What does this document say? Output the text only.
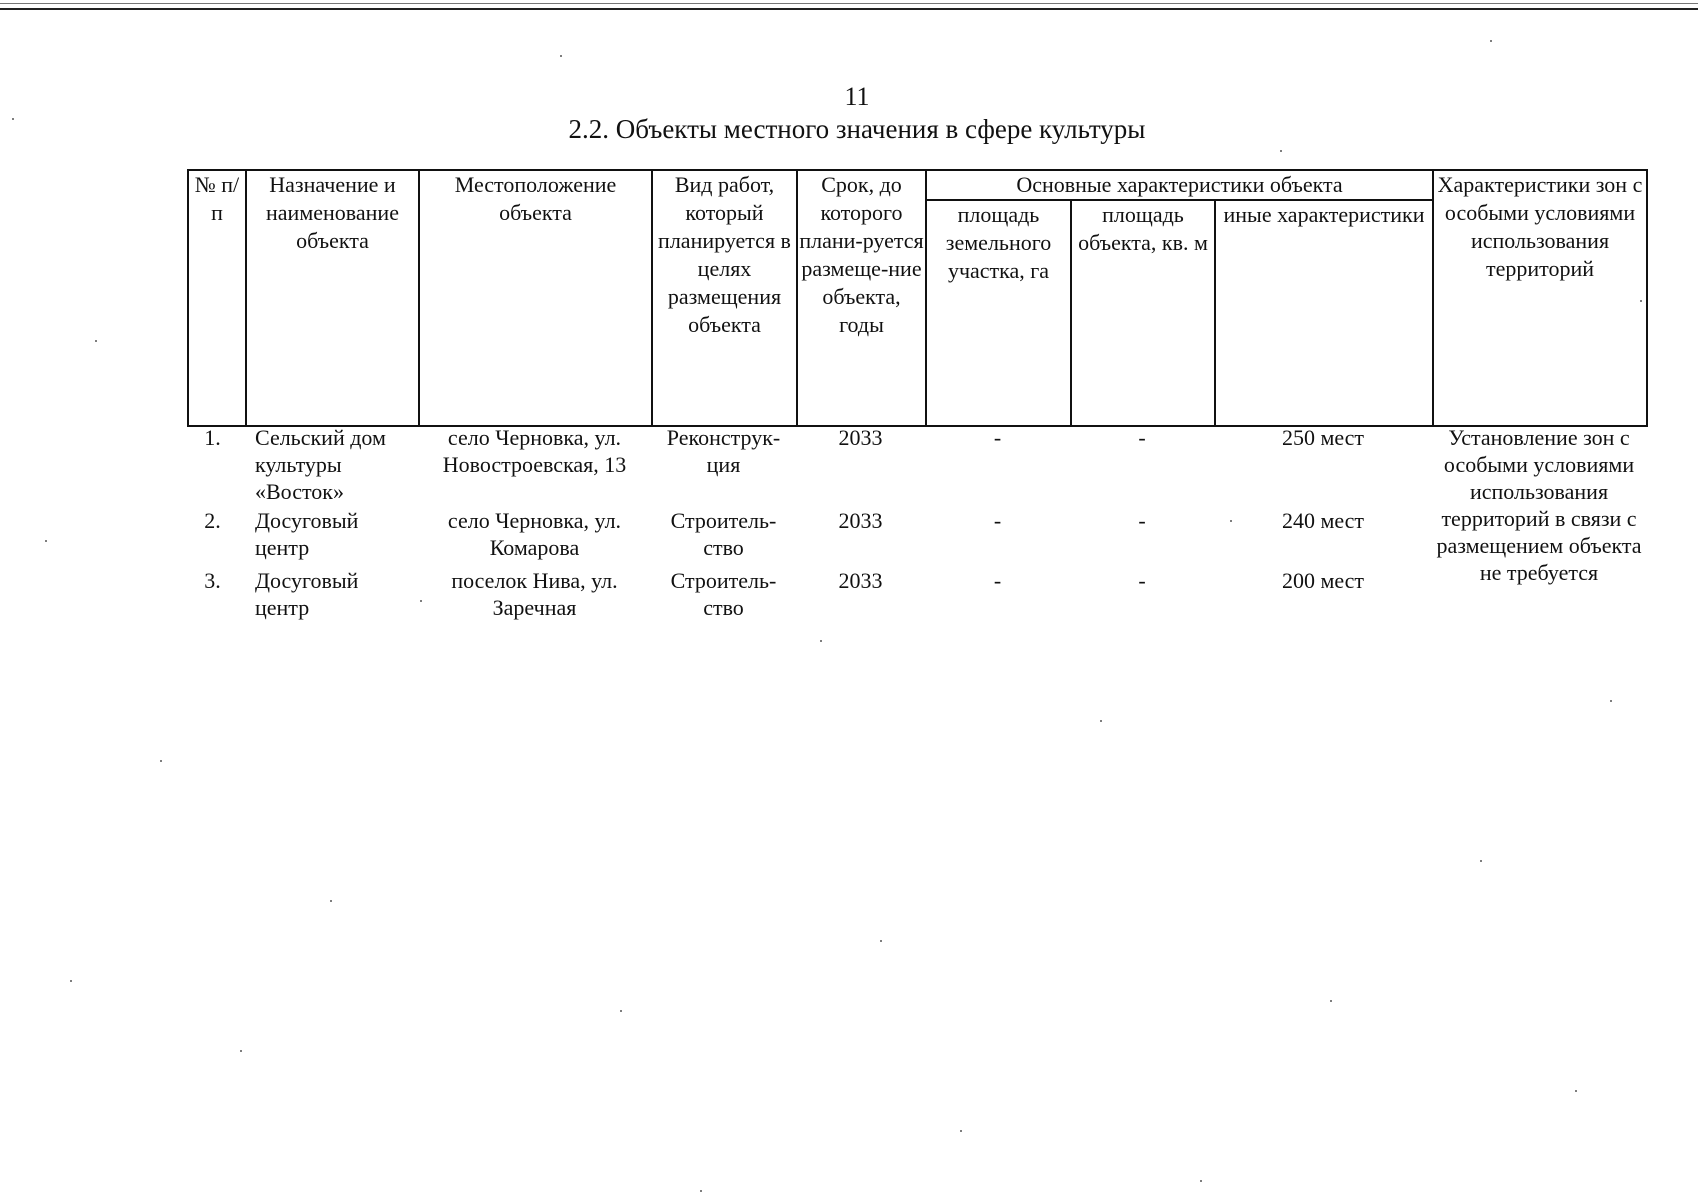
11
2.2. Объекты местного значения в сфере культуры
№ п/п	Назначение и наименование объекта	Местоположение объекта	Вид работ, который планируется в целях размещения объекта	Срок, до которого плани-руется размеще-ние объекта, годы	Основные характеристики объекта			Характеристики зон с особыми условиями использования территорий
					площадь земельного участка, га	площадь объекта, кв. м	иные характеристики	
1.	Сельский дом культуры «Восток»	село Черновка, ул. Новостроевская, 13	Реконструк-ция	2033	-	-	250 мест	Установление зон с особыми условиями использования территорий в связи с размещением объекта не требуется
2.	Досуговый центр	село Черновка, ул. Комарова	Строитель-ство	2033	-	-	240 мест	
3.	Досуговый центр	поселок Нива, ул. Заречная	Строитель-ство	2033	-	-	200 мест	
